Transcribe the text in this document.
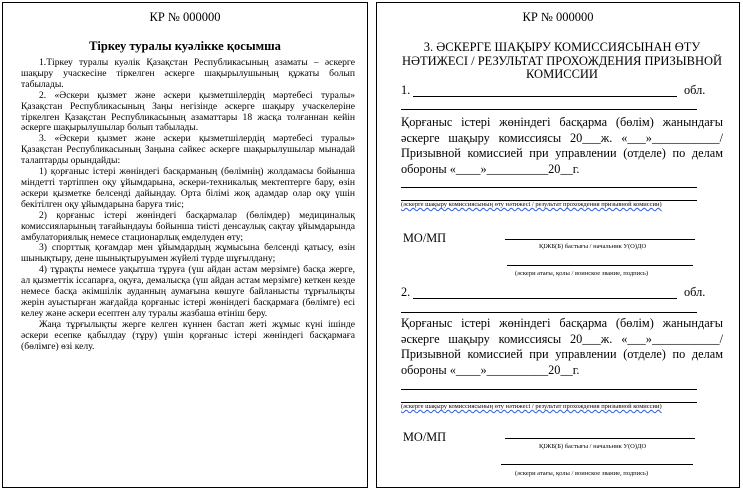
КР № 000000
Тіркеу туралы куәлікке қосымша

1.Тіркеу туралы куәлік Қазақстан Республикасының азаматы – әскерге шақыру учаскесіне тіркелген әскерге шақырылушының құжаты болып табылады.

2. «Әскери қызмет және әскери қызметшілердің мәртебесі туралы» Қазақстан Республикасының Заңы негізінде әскерге шақыру учаскелеріне тіркелген Қазақстан Республикасының азаматтары 18 жасқа толғаннан кейін әскерге шақырылушылар болып табылады.

3. «Әскери қызмет және әскери қызметшілердің мәртебесі туралы» Қазақстан Республикасының Заңына сәйкес әскерге шақырылушылар мынадай талаптарды орындайды:

1) қорғаныс істері жөніндегі басқарманың (бөлімнің) жолдамасы бойынша міндетті тәртіппен оқу ұйымдарына, әскери-техникалық мектептерге бару, өзін әскери қызметке белсенді дайындау. Орта білімі жоқ адамдар олар оқу үшін бекітілген оқу ұйымдарына баруға тиіс;

2) қорғаныс істері жөніндегі басқармалар (бөлімдер) медициналық комиссияларының тағайындауы бойынша тиісті денсаулық сақтау ұйымдарында амбулаториялық немесе стационарлық емделуден өту;

3) спорттық қоғамдар мен ұйымдардың жұмысына белсенді қатысу, өзін шынықтыру, дене шынықтыруымен жүйелі түрде шұғылдану;

4) тұрақты немесе уақытша тұруға (үш айдан астам мерзімге) басқа жерге, ал қызметтік іссапарға, оқуға, демалысқа (үш айдан астам мерзімге) кеткен кезде немесе басқа әкімшілік ауданның аумағына көшуге байланысты тұрғылықты жерін ауыстырған жағдайда қорғаныс істері жөніндегі басқармаға (бөлімге) есі келеу және әскери есептен алу туралы жазбаша өтініш беру.

Жаңа тұрғылықты жерге келген күннен бастап жеті жұмыс күні ішінде әскери есепке қабылдау (тұру) үшін қорғаныс істері жөніндегі басқармаға (бөлімге) өзі келу.

КР № 000000
3. ӘСКЕРГЕ ШАҚЫРУ КОМИССИЯСЫНАН ӨТУ НӘТИЖЕСІ / РЕЗУЛЬТАТ ПРОХОЖДЕНИЯ ПРИЗЫВНОЙ КОМИССИИ
1.	обл.
Қорғаныс істері жөніндегі басқарма (бөлім) жанындағы әскерге шақыру комиссиясы 20___ж. «___»___________/ Призывной комиссией при управлении (отделе) по делам обороны «____»__________20__г.
(әскерге шақыру комиссиясының өту нәтижесі / результат прохождения призывной комиссии)
МО/МП
ҚІЖБ(Б) бастығы / начальник У(О)ДО
(әскери атағы, қолы / воинское звание, подпись)
2.	обл.
Қорғаныс істері жөніндегі басқарма (бөлім) жанындағы әскерге шақыру комиссиясы 20___ж. «___»___________/ Призывной комиссией при управлении (отделе) по делам обороны «____»__________20__г.
(әскерге шақыру комиссиясының өту нәтижесі / результат прохождения призывной комиссии)
МО/МП
ҚІЖБ(Б) бастығы / начальник У(О)ДО
(әскери атағы, қолы / воинское звание, подпись)
